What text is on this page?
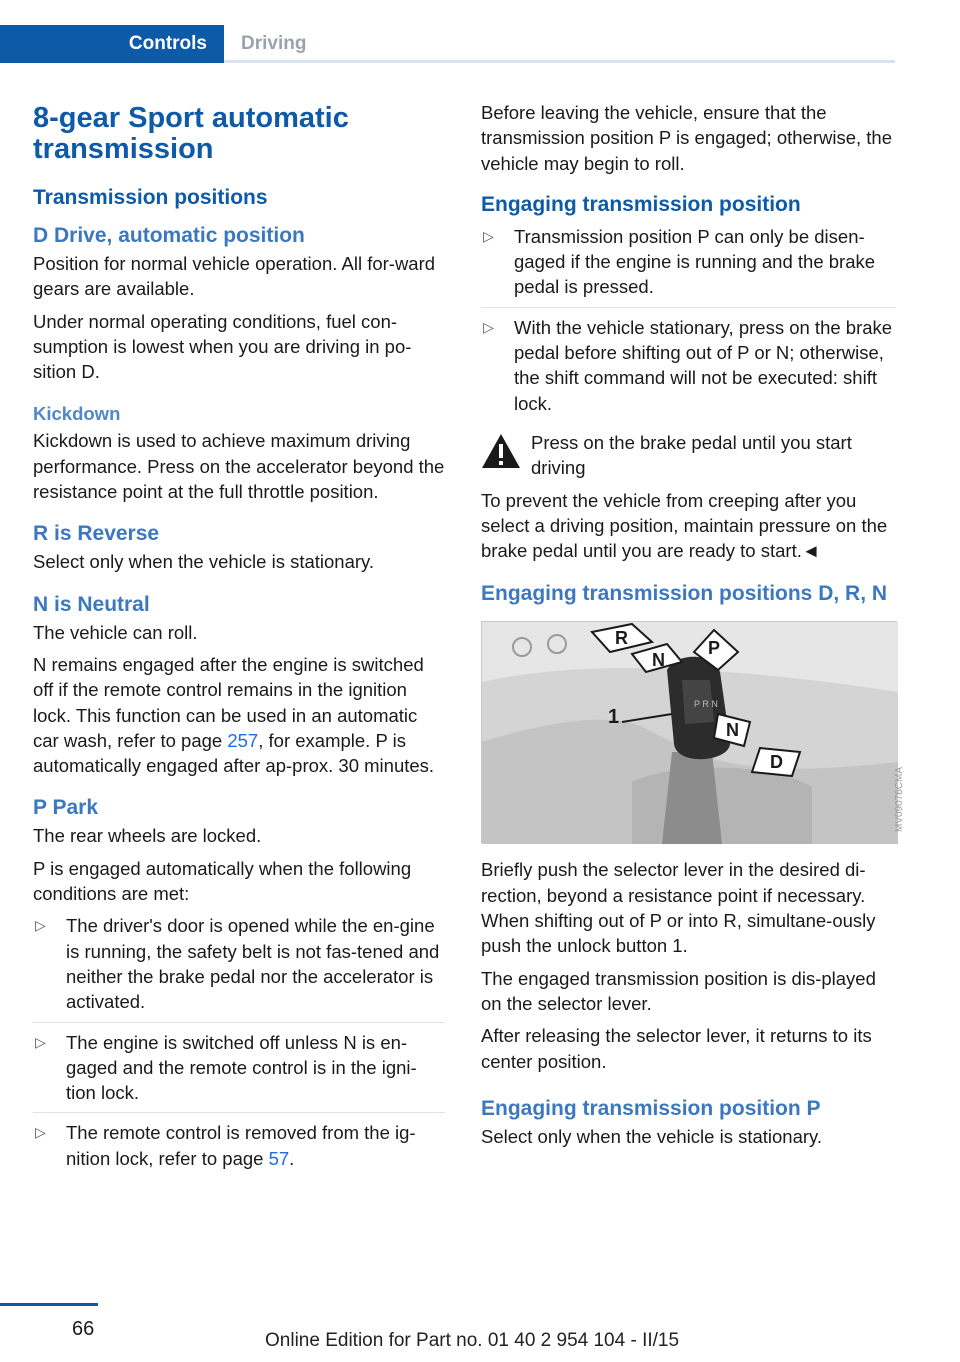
Controls Driving
8-gear Sport automatic transmission
Transmission positions
D Drive, automatic position

Position for normal vehicle operation. All for-ward gears are available.

Under normal operating conditions, fuel con-sumption is lowest when you are driving in po-sition D.

Kickdown

Kickdown is used to achieve maximum driving performance. Press on the accelerator beyond the resistance point at the full throttle position.

R is Reverse

Select only when the vehicle is stationary.

N is Neutral

The vehicle can roll.

N remains engaged after the engine is switched off if the remote control remains in the ignition lock. This function can be used in an automatic car wash, refer to page 257, for example. P is automatically engaged after ap-prox. 30 minutes.

P Park

The rear wheels are locked.

P is engaged automatically when the following conditions are met:

▷ The driver's door is opened while the en-gine is running, the safety belt is not fas-tened and neither the brake pedal nor the accelerator is activated.
▷ The engine is switched off unless N is en-gaged and the remote control is in the igni-tion lock.
▷ The remote control is removed from the ig-nition lock, refer to page 57.

Before leaving the vehicle, ensure that the transmission position P is engaged; otherwise, the vehicle may begin to roll.

Engaging transmission position
▷ Transmission position P can only be disen-gaged if the engine is running and the brake pedal is pressed.
▷ With the vehicle stationary, press on the brake pedal before shifting out of P or N; otherwise, the shift command will not be executed: shift lock.

Press on the brake pedal until you start driving

To prevent the vehicle from creeping after you select a driving position, maintain pressure on the brake pedal until you are ready to start.◄

Engaging transmission positions D, R, N
P R N
R
N
P
1
N
D
MV09076CMA

Briefly push the selector lever in the desired di-rection, beyond a resistance point if necessary. When shifting out of P or into R, simultane-ously push the unlock button 1.

The engaged transmission position is dis-played on the selector lever.

After releasing the selector lever, it returns to its center position.

Engaging transmission position P

Select only when the vehicle is stationary.

66
Online Edition for Part no. 01 40 2 954 104 - II/15
